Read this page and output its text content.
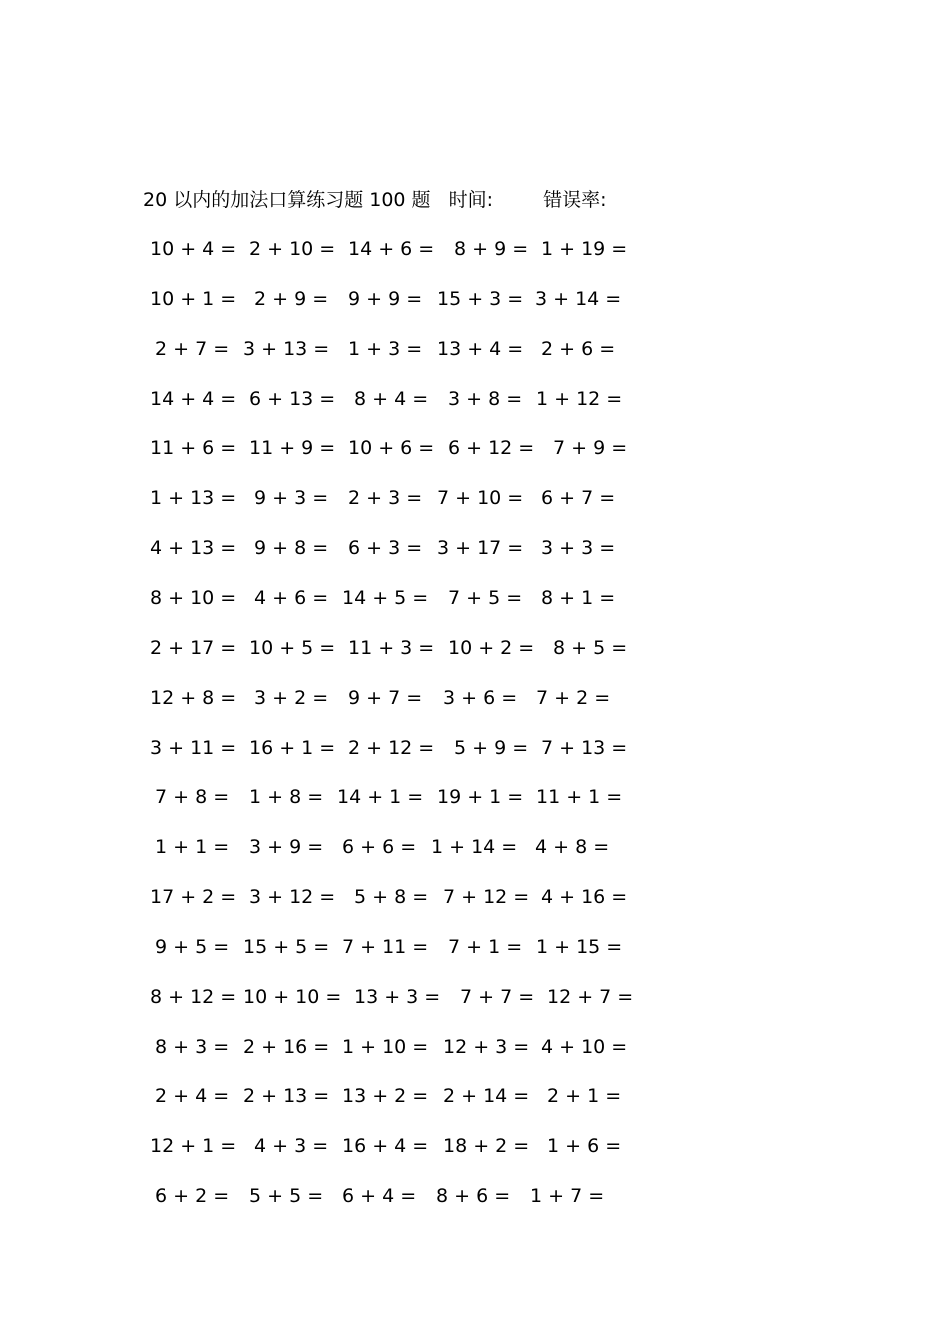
20 以内的加法口算练习题 100 题 时间:	错误率:
10 + 4 = 2 + 10 = 14 + 6 = 8 + 9 = 1 + 19 =
10 + 1 = 2 + 9 = 9 + 9 = 15 + 3 = 3 + 14 =
2 + 7 = 3 + 13 = 1 + 3 = 13 + 4 = 2 + 6 =
14 + 4 = 6 + 13 = 8 + 4 = 3 + 8 = 1 + 12 =
11 + 6 = 11 + 9 = 10 + 6 = 6 + 12 = 7 + 9 =
1 + 13 = 9 + 3 = 2 + 3 = 7 + 10 = 6 + 7 =
4 + 13 = 9 + 8 = 6 + 3 = 3 + 17 = 3 + 3 =
8 + 10 = 4 + 6 = 14 + 5 = 7 + 5 = 8 + 1 =
2 + 17 = 10 + 5 = 11 + 3 = 10 + 2 = 8 + 5 =
12 + 8 = 3 + 2 = 9 + 7 = 3 + 6 = 7 + 2 =
3 + 11 = 16 + 1 = 2 + 12 = 5 + 9 = 7 + 13 =
7 + 8 = 1 + 8 = 14 + 1 = 19 + 1 = 11 + 1 =
1 + 1 = 3 + 9 = 6 + 6 = 1 + 14 = 4 + 8 =
17 + 2 = 3 + 12 = 5 + 8 = 7 + 12 = 4 + 16 =
9 + 5 = 15 + 5 = 7 + 11 = 7 + 1 = 1 + 15 =
8 + 12 = 10 + 10 = 13 + 3 = 7 + 7 = 12 + 7 =
8 + 3 = 2 + 16 = 1 + 10 = 12 + 3 = 4 + 10 =
2 + 4 = 2 + 13 = 13 + 2 = 2 + 14 = 2 + 1 =
12 + 1 = 4 + 3 = 16 + 4 = 18 + 2 = 1 + 6 =
6 + 2 = 5 + 5 = 6 + 4 = 8 + 6 = 1 + 7 =
